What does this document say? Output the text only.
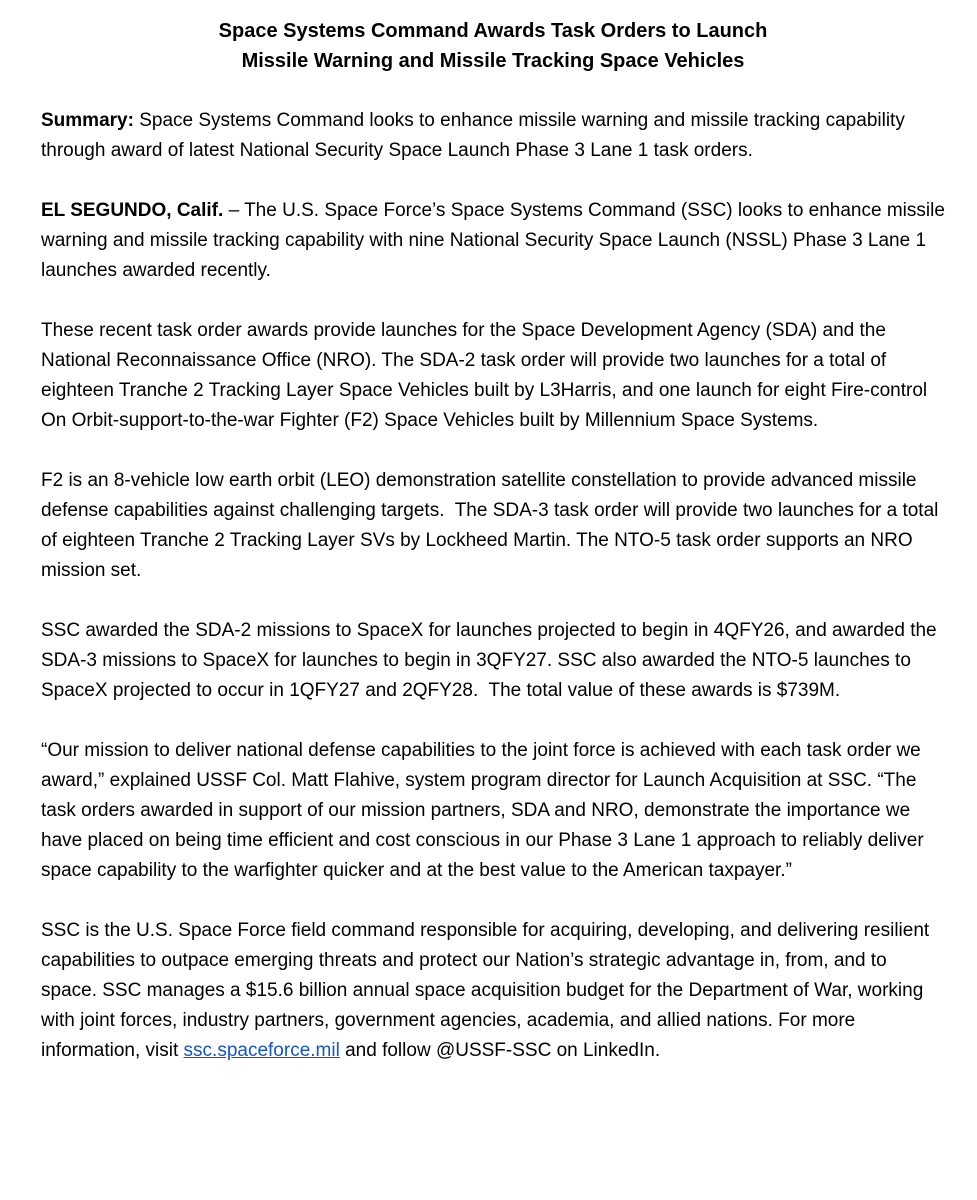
Space Systems Command Awards Task Orders to Launch
Missile Warning and Missile Tracking Space Vehicles

Summary: Space Systems Command looks to enhance missile warning and missile tracking capability through award of latest National Security Space Launch Phase 3 Lane 1 task orders.

EL SEGUNDO, Calif. – The U.S. Space Force’s Space Systems Command (SSC) looks to enhance missile warning and missile tracking capability with nine National Security Space Launch (NSSL) Phase 3 Lane 1 launches awarded recently.

These recent task order awards provide launches for the Space Development Agency (SDA) and the National Reconnaissance Office (NRO). The SDA-2 task order will provide two launches for a total of eighteen Tranche 2 Tracking Layer Space Vehicles built by L3Harris, and one launch for eight Fire-control On Orbit-support-to-the-war Fighter (F2) Space Vehicles built by Millennium Space Systems.

F2 is an 8-vehicle low earth orbit (LEO) demonstration satellite constellation to provide advanced missile defense capabilities against challenging targets.  The SDA-3 task order will provide two launches for a total of eighteen Tranche 2 Tracking Layer SVs by Lockheed Martin. The NTO-5 task order supports an NRO mission set.

SSC awarded the SDA-2 missions to SpaceX for launches projected to begin in 4QFY26, and awarded the SDA-3 missions to SpaceX for launches to begin in 3QFY27. SSC also awarded the NTO-5 launches to SpaceX projected to occur in 1QFY27 and 2QFY28.  The total value of these awards is $739M.

“Our mission to deliver national defense capabilities to the joint force is achieved with each task order we award,” explained USSF Col. Matt Flahive, system program director for Launch Acquisition at SSC. “The task orders awarded in support of our mission partners, SDA and NRO, demonstrate the importance we have placed on being time efficient and cost conscious in our Phase 3 Lane 1 approach to reliably deliver space capability to the warfighter quicker and at the best value to the American taxpayer.”

SSC is the U.S. Space Force field command responsible for acquiring, developing, and delivering resilient capabilities to outpace emerging threats and protect our Nation’s strategic advantage in, from, and to space. SSC manages a $15.6 billion annual space acquisition budget for the Department of War, working with joint forces, industry partners, government agencies, academia, and allied nations. For more information, visit ssc.spaceforce.mil and follow @USSF-SSC on LinkedIn.
